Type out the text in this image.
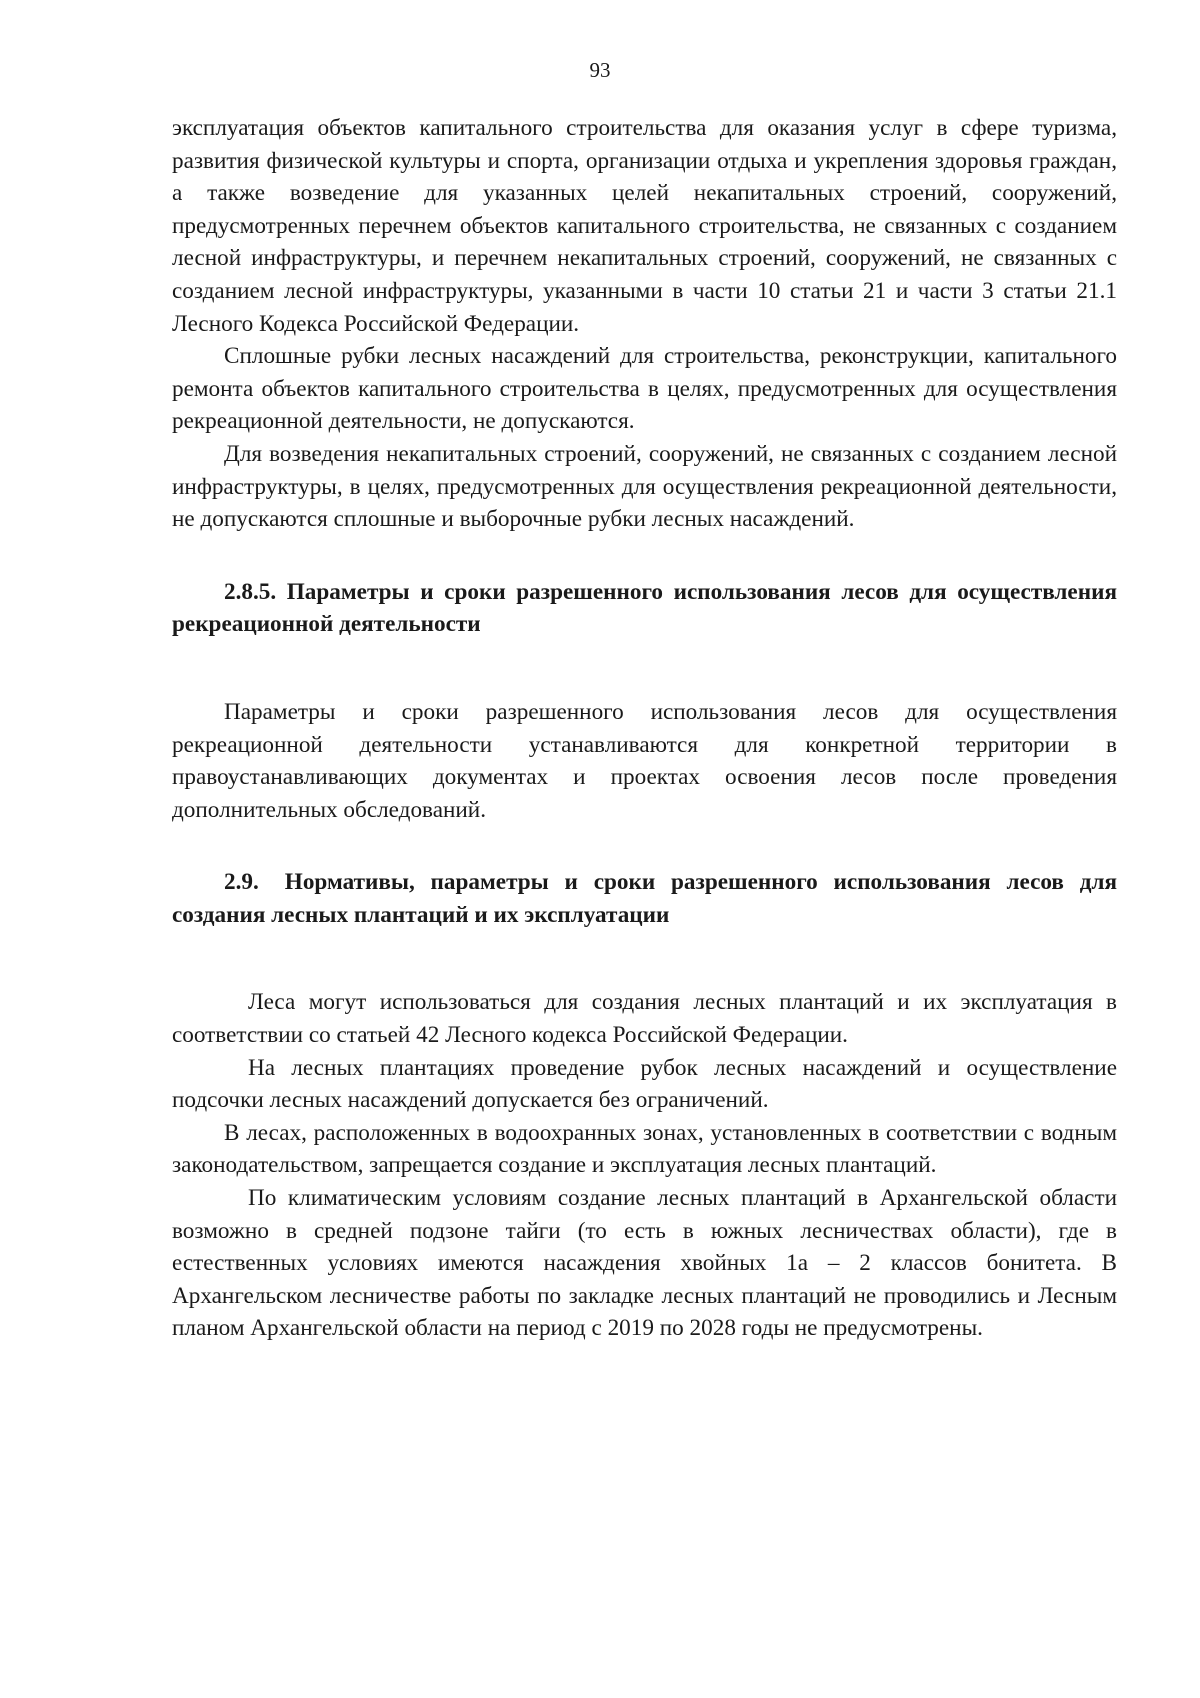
93

эксплуатация объектов капитального строительства для оказания услуг в сфере туризма, развития физической культуры и спорта, организации отдыха и укрепления здоровья граждан, а также возведение для указанных целей некапитальных строений, сооружений, предусмотренных перечнем объектов капитального строительства, не связанных с созданием лесной инфраструктуры, и перечнем некапитальных строений, сооружений, не связанных с созданием лесной инфраструктуры, указанными в части 10 статьи 21 и части 3 статьи 21.1 Лесного Кодекса Российской Федерации.

Сплошные рубки лесных насаждений для строительства, реконструкции, капитального ремонта объектов капитального строительства в целях, предусмотренных для осуществления рекреационной деятельности, не допускаются.

Для возведения некапитальных строений, сооружений, не связанных с созданием лесной инфраструктуры, в целях, предусмотренных для осуществления рекреационной деятельности, не допускаются сплошные и выборочные рубки лесных насаждений.

2.8.5. Параметры и сроки разрешенного использования лесов для осуществления рекреационной деятельности

Параметры и сроки разрешенного использования лесов для осуществления рекреационной деятельности устанавливаются для конкретной территории в правоустанавливающих документах и проектах освоения лесов после проведения дополнительных обследований.

2.9. Нормативы, параметры и сроки разрешенного использования лесов для создания лесных плантаций и их эксплуатации

Леса могут использоваться для создания лесных плантаций и их эксплуатация в соответствии со статьей 42 Лесного кодекса Российской Федерации.

На лесных плантациях проведение рубок лесных насаждений и осуществление подсочки лесных насаждений допускается без ограничений.

В лесах, расположенных в водоохранных зонах, установленных в соответствии с водным законодательством, запрещается создание и эксплуатация лесных плантаций.

По климатическим условиям создание лесных плантаций в Архангельской области возможно в средней подзоне тайги (то есть в южных лесничествах области), где в естественных условиях имеются насаждения хвойных 1а – 2 классов бонитета. В Архангельском лесничестве работы по закладке лесных плантаций не проводились и Лесным планом Архангельской области на период с 2019 по 2028 годы не предусмотрены.
